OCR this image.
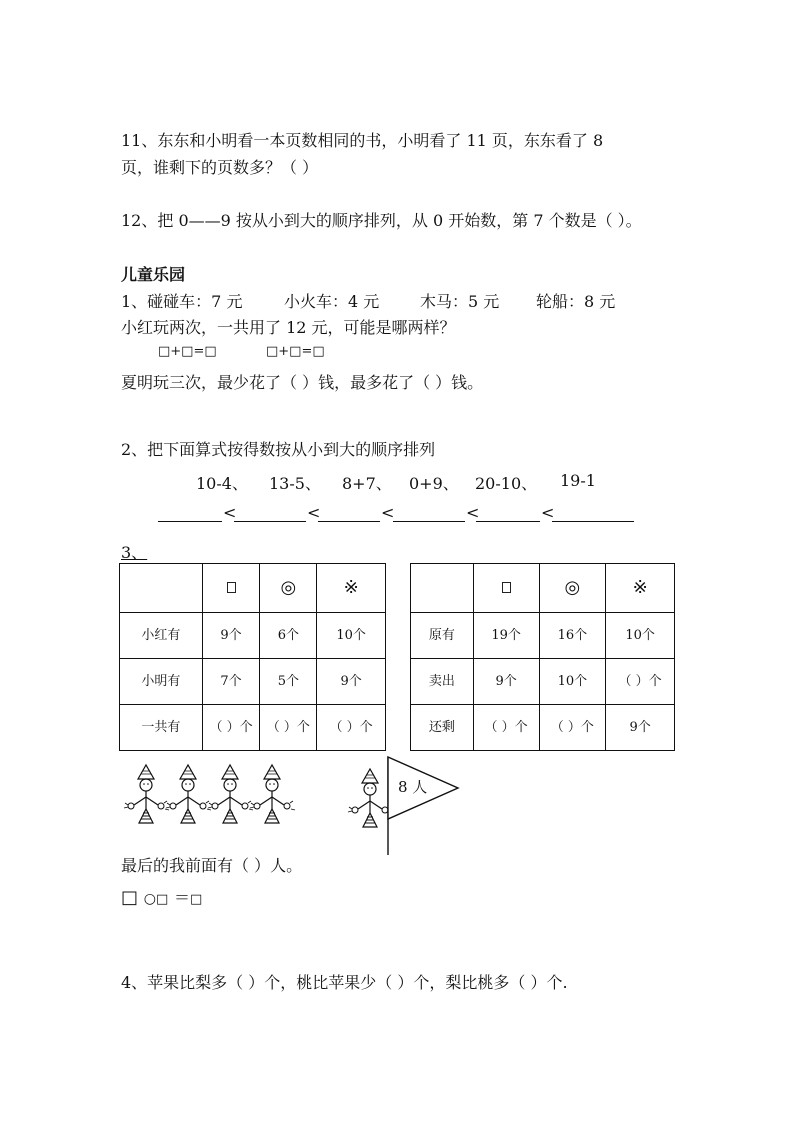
11、东东和小明看一本页数相同的书，小明看了 11 页，东东看了 8
页，谁剩下的页数多？（ ）
12、把 0——9 按从小到大的顺序排列，从 0 开始数，第 7 个数是（ ）。
儿童乐园
1、碰碰车：7 元	小火车：4 元	木马：5 元 轮船：8 元
小红玩两次，一共用了 12 元，可能是哪两样？
□+□=□	□+□=□
夏明玩三次，最少花了（ ）钱，最多花了（ ）钱。
2、把下面算式按得数按从小到大的顺序排列
10-4、 13-5、 8+7、 0+9、 20-10、 19-1
<	<	<	<	<
3、
		◎	※
小红有	9个	6个	10个
小明有	7个	5个	9个
一共有	（ ）个	（ ）个	（ ）个
		◎	※
原有	19个	16个	10个
卖出	9个	10个	（ ）个
还剩	（ ）个	（ ）个	9个
8 人
最后的我前面有（ ）人。
□ ○□ ＝□
4、苹果比梨多（ ）个，桃比苹果少（ ）个，梨比桃多（ ）个.
